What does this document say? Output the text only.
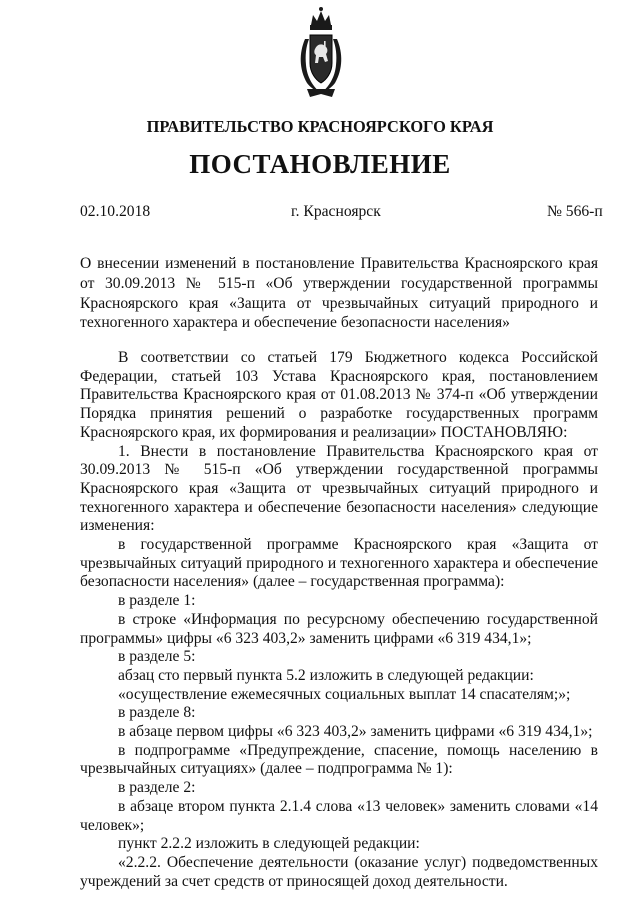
ПРАВИТЕЛЬСТВО КРАСНОЯРСКОГО КРАЯ
ПОСТАНОВЛЕНИЕ
02.10.2018	г. Красноярск	№ 566-п
О внесении изменений в постановление Правительства Красноярского края от 30.09.2013 № 515-п «Об утверждении государственной программы Красноярского края «Защита от чрезвычайных ситуаций природного и техногенного характера и обеспечение безопасности населения»

В соответствии со статьей 179 Бюджетного кодекса Российской Федерации, статьей 103 Устава Красноярского края, постановлением Правительства Красноярского края от 01.08.2013 № 374-п «Об утверждении Порядка принятия решений о разработке государственных программ Красноярского края, их формирования и реализации» ПОСТАНОВЛЯЮ:

1. Внести в постановление Правительства Красноярского края от 30.09.2013 № 515-п «Об утверждении государственной программы Красноярского края «Защита от чрезвычайных ситуаций природного и техногенного характера и обеспечение безопасности населения» следующие изменения:

в государственной программе Красноярского края «Защита от чрезвычайных ситуаций природного и техногенного характера и обеспечение безопасности населения» (далее – государственная программа):

в разделе 1:

в строке «Информация по ресурсному обеспечению государственной программы» цифры «6 323 403,2» заменить цифрами «6 319 434,1»;

в разделе 5:

абзац сто первый пункта 5.2 изложить в следующей редакции:

«осуществление ежемесячных социальных выплат 14 спасателям;»;

в разделе 8:

в абзаце первом цифры «6 323 403,2» заменить цифрами «6 319 434,1»;

в подпрограмме «Предупреждение, спасение, помощь населению в чрезвычайных ситуациях» (далее – подпрограмма № 1):

в разделе 2:

в абзаце втором пункта 2.1.4 слова «13 человек» заменить словами «14 человек»;

пункт 2.2.2 изложить в следующей редакции:

«2.2.2. Обеспечение деятельности (оказание услуг) подведомственных учреждений за счет средств от приносящей доход деятельности.
